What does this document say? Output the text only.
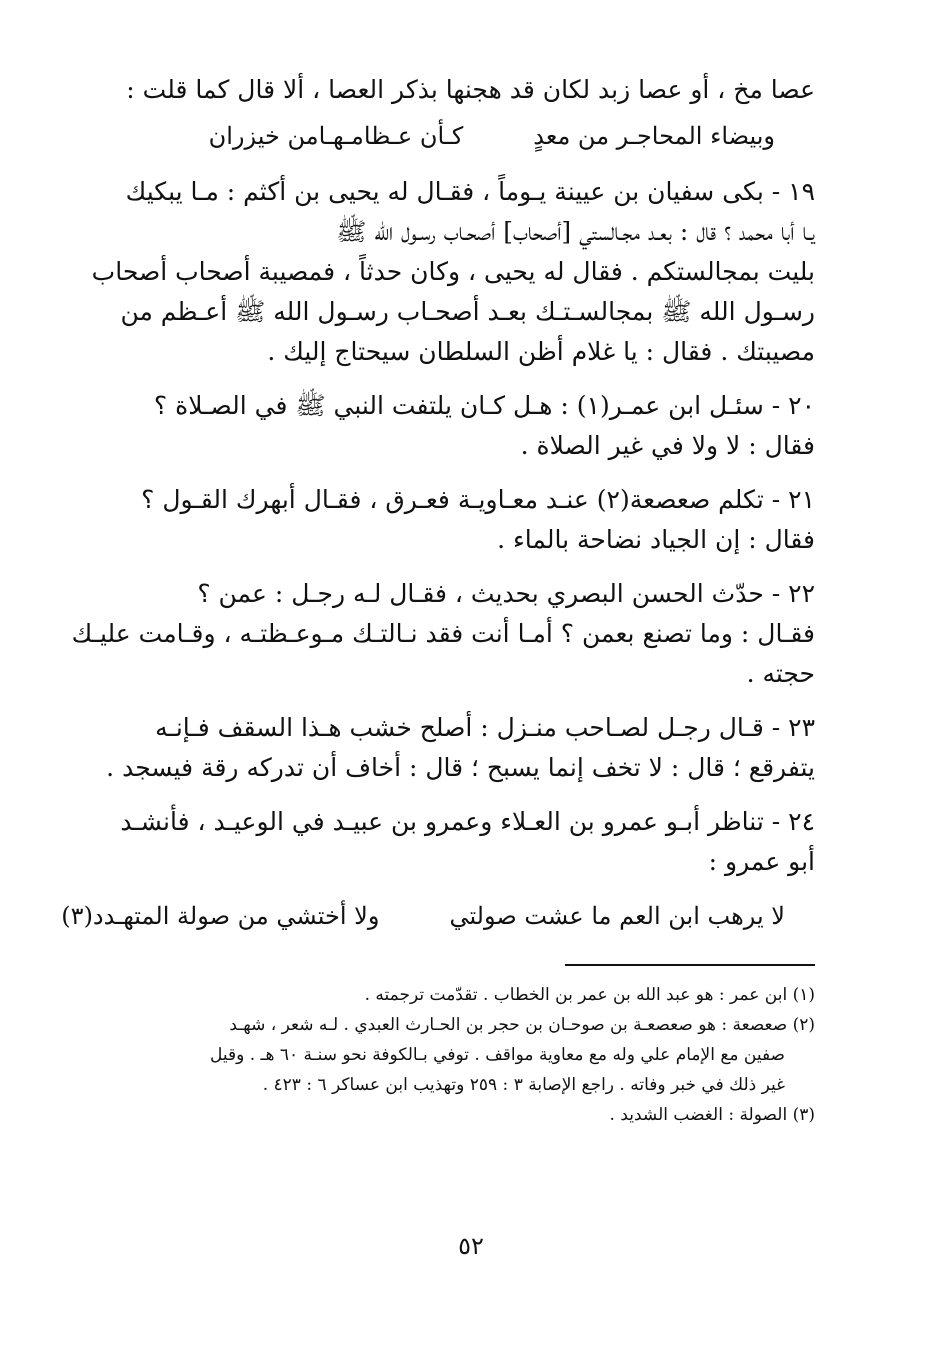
عصا مخ ، أو عصا زبد لكان قد هجنها بذكر العصا ، ألا قال كما قلت :
وبيضاء المحاجـر من معدٍ
كـأن عـظامـهـامن خيزران
١٩ - بكى سفيان بن عيينة يـوماً ، فقـال له يحيى بن أكثم : مـا يبكيك
يـا أبا محمد ؟ قال : بعـد مجـالستي [أصحاب] أصحـاب رسـول الله ﷺ
بليت بمجالستكم . فقال له يحيى ، وكان حدثاً ، فمصيبة أصحاب أصحاب
رسـول الله ﷺ بمجالسـتـك بعـد أصحـاب رسـول الله ﷺ أعـظم من
مصيبتك . فقال : يا غلام أظن السلطان سيحتاج إليك .
٢٠ - سئـل ابن عمـر(١) : هـل كـان يلتفت النبي ﷺ في الصـلاة ؟
فقال : لا ولا في غير الصلاة .
٢١ - تكلم صعصعة(٢) عنـد معـاويـة فعـرق ، فقـال أبهرك القـول ؟
فقال : إن الجياد نضاحة بالماء .
٢٢ - حدّث الحسن البصري بحديث ، فقـال لـه رجـل : عمن ؟
فقـال : وما تصنع بعمن ؟ أمـا أنت فقد نـالتـك مـوعـظتـه ، وقـامت عليـك
حجته .
٢٣ - قـال رجـل لصـاحب منـزل : أصلح خشب هـذا السقف فـإنـه
يتفرقع ؛ قال : لا تخف إنما يسبح ؛ قال : أخاف أن تدركه رقة فيسجد .
٢٤ - تناظر أبـو عمرو بن العـلاء وعمرو بن عبيـد في الوعيـد ، فأنشـد
أبو عمرو :
لا يرهب ابن العم ما عشت صولتي
ولا أختشي من صولة المتهـدد(٣)
(١) ابن عمر : هو عبد الله بن عمر بن الخطاب . تقدّمت ترجمته .
(٢) صعصعة : هو صعصعـة بن صوحـان بن حجر بن الحـارث العبدي . لـه شعر ، شهـد
صفين مع الإمام علي وله مع معاوية مواقف . توفي بـالكوفة نحو سنـة ٦٠ هـ . وقيل
غير ذلك في خبر وفاته . راجع الإصابة ٣ : ٢٥٩ وتهذيب ابن عساكر ٦ : ٤٢٣ .
(٣) الصولة : الغضب الشديد .
٥٢
